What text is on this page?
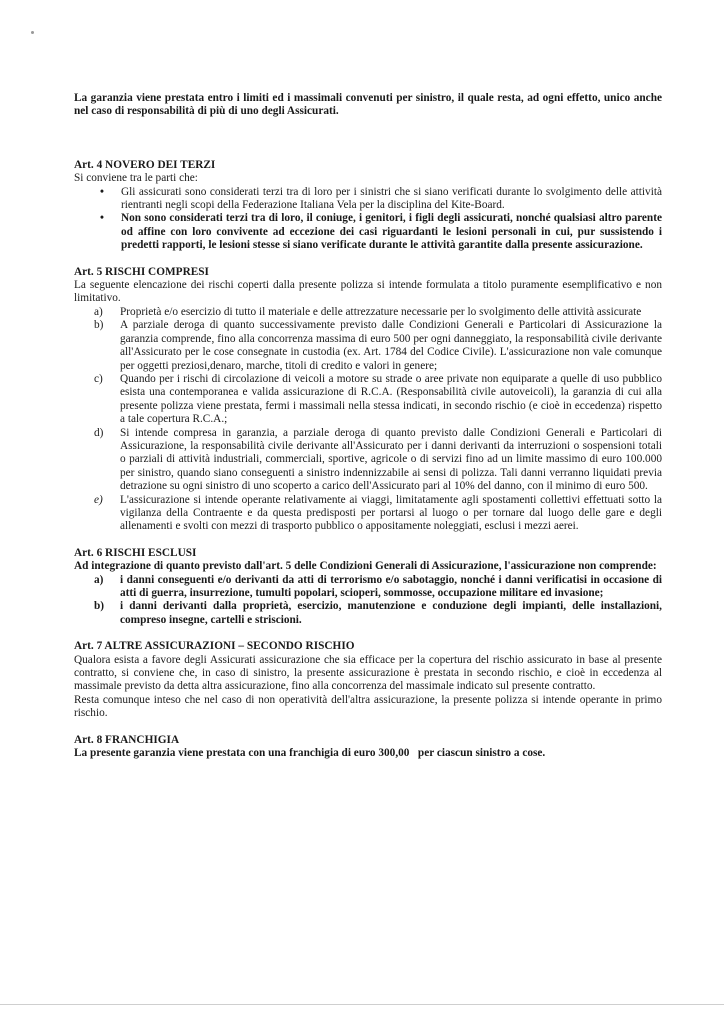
La garanzia viene prestata entro i limiti ed i massimali convenuti per sinistro, il quale resta, ad ogni effetto, unico anche nel caso di responsabilità di più di uno degli Assicurati.

Art. 4 NOVERO DEI TERZI

Si conviene tra le parti che:

• Gli assicurati sono considerati terzi tra di loro per i sinistri che si siano verificati durante lo svolgimento delle attività rientranti negli scopi della Federazione Italiana Vela per la disciplina del Kite-Board.
• Non sono considerati terzi tra di loro, il coniuge, i genitori, i figli degli assicurati, nonché qualsiasi altro parente od affine con loro convivente ad eccezione dei casi riguardanti le lesioni personali in cui, pur sussistendo i predetti rapporti, le lesioni stesse si siano verificate durante le attività garantite dalla presente assicurazione.

Art. 5 RISCHI COMPRESI

La seguente elencazione dei rischi coperti dalla presente polizza si intende formulata a titolo puramente esemplificativo e non limitativo.

a) Proprietà e/o esercizio di tutto il materiale e delle attrezzature necessarie per lo svolgimento delle attività assicurate
b) A parziale deroga di quanto successivamente previsto dalle Condizioni Generali e Particolari di Assicurazione la garanzia comprende, fino alla concorrenza massima di euro 500 per ogni danneggiato, la responsabilità civile derivante all'Assicurato per le cose consegnate in custodia (ex. Art. 1784 del Codice Civile). L'assicurazione non vale comunque per oggetti preziosi,denaro, marche, titoli di credito e valori in genere;
c) Quando per i rischi di circolazione di veicoli a motore su strade o aree private non equiparate a quelle di uso pubblico esista una contemporanea e valida assicurazione di R.C.A. (Responsabilità civile autoveicoli), la garanzia di cui alla presente polizza viene prestata, fermi i massimali nella stessa indicati, in secondo rischio (e cioè in eccedenza) rispetto a tale copertura R.C.A.;
d) Si intende compresa in garanzia, a parziale deroga di quanto previsto dalle Condizioni Generali e Particolari di Assicurazione, la responsabilità civile derivante all'Assicurato per i danni derivanti da interruzioni o sospensioni totali o parziali di attività industriali, commerciali, sportive, agricole o di servizi fino ad un limite massimo di euro 100.000 per sinistro, quando siano conseguenti a sinistro indennizzabile ai sensi di polizza. Tali danni verranno liquidati previa detrazione su ogni sinistro di uno scoperto a carico dell'Assicurato pari al 10% del danno, con il minimo di euro 500.
e) L'assicurazione si intende operante relativamente ai viaggi, limitatamente agli spostamenti collettivi effettuati sotto la vigilanza della Contraente e da questa predisposti per portarsi al luogo o per tornare dal luogo delle gare e degli allenamenti e svolti con mezzi di trasporto pubblico o appositamente noleggiati, esclusi i mezzi aerei.

Art. 6 RISCHI ESCLUSI

Ad integrazione di quanto previsto dall'art. 5 delle Condizioni Generali di Assicurazione, l'assicurazione non comprende:

a) i danni conseguenti e/o derivanti da atti di terrorismo e/o sabotaggio, nonché i danni verificatisi in occasione di atti di guerra, insurrezione, tumulti popolari, scioperi, sommosse, occupazione militare ed invasione;
b) i danni derivanti dalla proprietà, esercizio, manutenzione e conduzione degli impianti, delle installazioni, compreso insegne, cartelli e striscioni.

Art. 7 ALTRE ASSICURAZIONI – SECONDO RISCHIO

Qualora esista a favore degli Assicurati assicurazione che sia efficace per la copertura del rischio assicurato in base al presente contratto, si conviene che, in caso di sinistro, la presente assicurazione è prestata in secondo rischio, e cioè in eccedenza al massimale previsto da detta altra assicurazione, fino alla concorrenza del massimale indicato sul presente contratto.

Resta comunque inteso che nel caso di non operatività dell'altra assicurazione, la presente polizza si intende operante in primo rischio.

Art. 8 FRANCHIGIA

La presente garanzia viene prestata con una franchigia di euro 300,00   per ciascun sinistro a cose.
